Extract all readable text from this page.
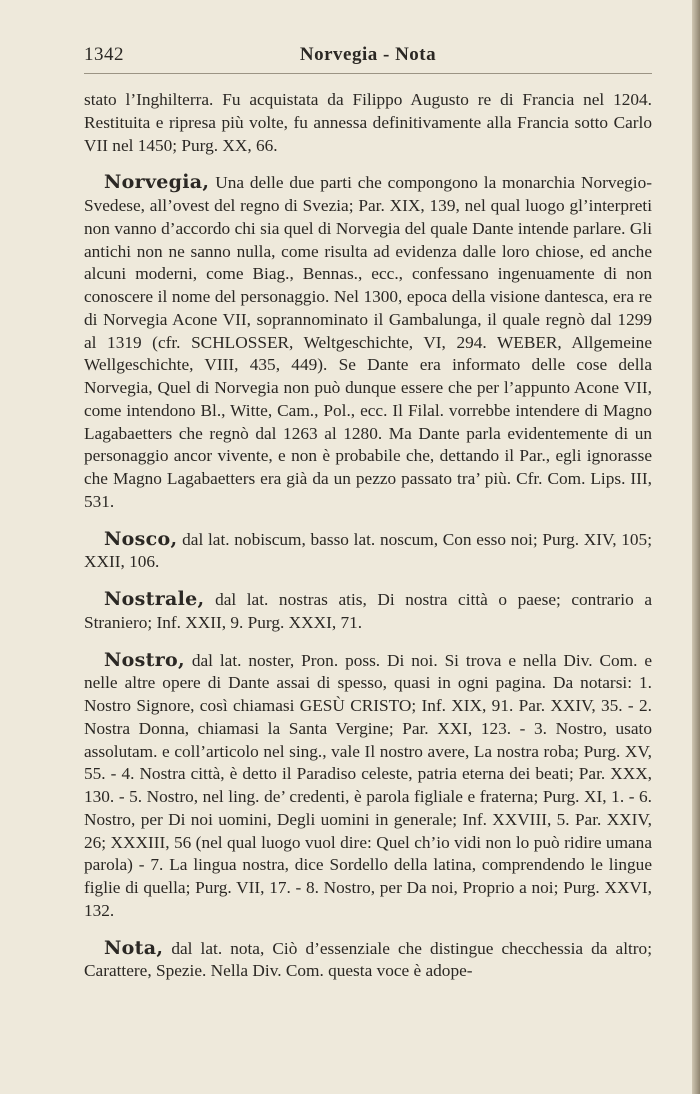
1342	Norvegia - Nota

stato l’Inghilterra. Fu acquistata da Filippo Augusto re di Francia nel 1204. Restituita e ripresa più volte, fu annessa definitivamente alla Francia sotto Carlo VII nel 1450; Purg. XX, 66.

Norvegia, Una delle due parti che compongono la monarchia Norvegio-Svedese, all’ovest del regno di Svezia; Par. XIX, 139, nel qual luogo gl’interpreti non vanno d’accordo chi sia quel di Norvegia del quale Dante intende parlare. Gli antichi non ne sanno nulla, come risulta ad evidenza dalle loro chiose, ed anche alcuni moderni, come Biag., Bennas., ecc., confessano ingenuamente di non conoscere il nome del personaggio. Nel 1300, epoca della visione dantesca, era re di Norvegia Acone VII, soprannominato il Gambalunga, il quale regnò dal 1299 al 1319 (cfr. SCHLOSSER, Weltgeschichte, VI, 294. WEBER, Allgemeine Wellgeschichte, VIII, 435, 449). Se Dante era informato delle cose della Norvegia, Quel di Norvegia non può dunque essere che per l’appunto Acone VII, come intendono Bl., Witte, Cam., Pol., ecc. Il Filal. vorrebbe intendere di Magno Lagabaetters che regnò dal 1263 al 1280. Ma Dante parla evidentemente di un personaggio ancor vivente, e non è probabile che, dettando il Par., egli ignorasse che Magno Lagabaetters era già da un pezzo passato tra’ più. Cfr. Com. Lips. III, 531.

Nosco, dal lat. nobiscum, basso lat. noscum, Con esso noi; Purg. XIV, 105; XXII, 106.

Nostrale, dal lat. nostras atis, Di nostra città o paese; contrario a Straniero; Inf. XXII, 9. Purg. XXXI, 71.

Nostro, dal lat. noster, Pron. poss. Di noi. Si trova e nella Div. Com. e nelle altre opere di Dante assai di spesso, quasi in ogni pagina. Da notarsi: 1. Nostro Signore, così chiamasi GESÙ CRISTO; Inf. XIX, 91. Par. XXIV, 35. - 2. Nostra Donna, chiamasi la Santa Vergine; Par. XXI, 123. - 3. Nostro, usato assolutam. e coll’articolo nel sing., vale Il nostro avere, La nostra roba; Purg. XV, 55. - 4. Nostra città, è detto il Paradiso celeste, patria eterna dei beati; Par. XXX, 130. - 5. Nostro, nel ling. de’ credenti, è parola figliale e fraterna; Purg. XI, 1. - 6. Nostro, per Di noi uomini, Degli uomini in generale; Inf. XXVIII, 5. Par. XXIV, 26; XXXIII, 56 (nel qual luogo vuol dire: Quel ch’io vidi non lo può ridire umana parola) - 7. La lingua nostra, dice Sordello della latina, comprendendo le lingue figlie di quella; Purg. VII, 17. - 8. Nostro, per Da noi, Proprio a noi; Purg. XXVI, 132.

Nota, dal lat. nota, Ciò d’essenziale che distingue checchessia da altro; Carattere, Spezie. Nella Div. Com. questa voce è adope-
